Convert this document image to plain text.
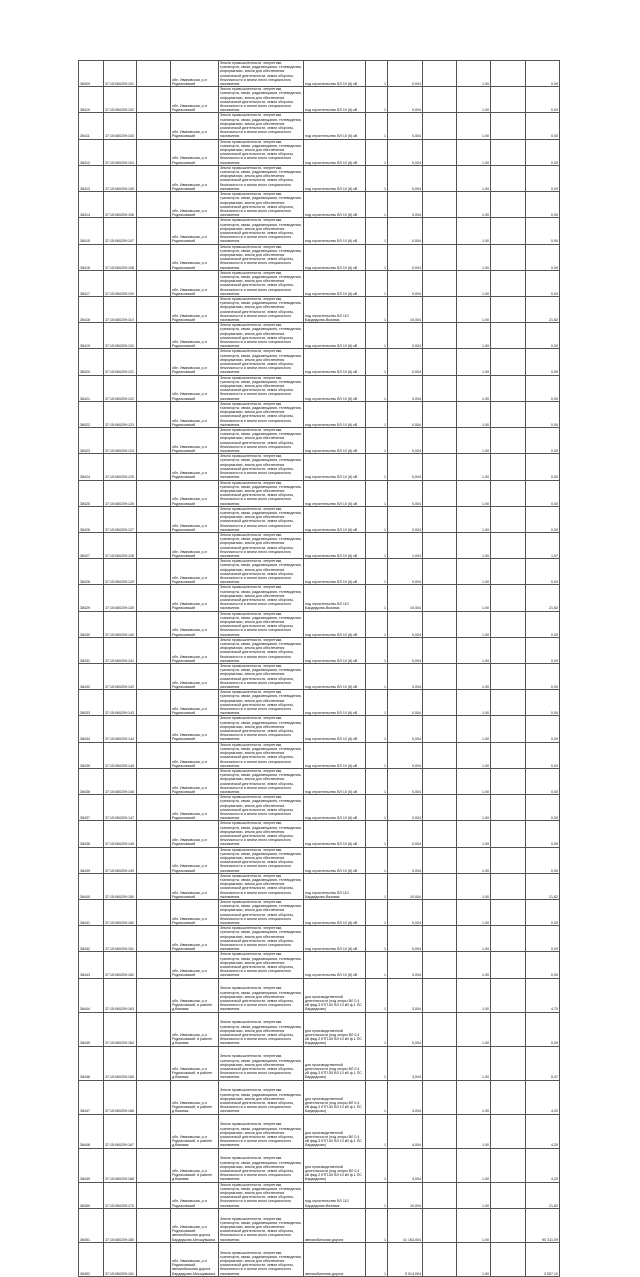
38409	37:15:060209:101		обл. Ивановская, р-н Родниковский	Земли промышленности, энергетики, транспорта, связи, радиовещания, телевидения, информатики, земли для обеспечения космической деятельности, земли обороны, безопасности и земли иного специального назначения	под строительство ВЛ 10 (6) кВ	1	0,004		1,00		0,00
38410	37:15:060209:102		обл. Ивановская, р-н Родниковский	Земли промышленности, энергетики, транспорта, связи, радиовещания, телевидения, информатики, земли для обеспечения космической деятельности, земли обороны, безопасности и земли иного специального назначения	под строительство ВЛ 10 (6) кВ	1	0,004		1,00		0,00
38411	37:15:060209:103		обл. Ивановская, р-н Родниковский	Земли промышленности, энергетики, транспорта, связи, радиовещания, телевидения, информатики, земли для обеспечения космической деятельности, земли обороны, безопасности и земли иного специального назначения	под строительство ВЛ 10 (6) кВ	1	0,004		1,00		0,00
38412	37:15:060209:104		обл. Ивановская, р-н Родниковский	Земли промышленности, энергетики, транспорта, связи, радиовещания, телевидения, информатики, земли для обеспечения космической деятельности, земли обороны, безопасности и земли иного специального назначения	под строительство ВЛ 10 (6) кВ	1	0,004		1,00		0,00
38413	37:15:060209:105		обл. Ивановская, р-н Родниковский	Земли промышленности, энергетики, транспорта, связи, радиовещания, телевидения, информатики, земли для обеспечения космической деятельности, земли обороны, безопасности и земли иного специального назначения	под строительство ВЛ 10 (6) кВ	1	0,004		1,00		0,00
38414	37:15:060209:106		обл. Ивановская, р-н Родниковский	Земли промышленности, энергетики, транспорта, связи, радиовещания, телевидения, информатики, земли для обеспечения космической деятельности, земли обороны, безопасности и земли иного специального назначения	под строительство ВЛ 10 (6) кВ	1	0,004		1,00		0,00
38415	37:15:060209:107		обл. Ивановская, р-н Родниковский	Земли промышленности, энергетики, транспорта, связи, радиовещания, телевидения, информатики, земли для обеспечения космической деятельности, земли обороны, безопасности и земли иного специального назначения	под строительство ВЛ 10 (6) кВ	1	0,004		1,00		0,00
38416	37:15:060209:108		обл. Ивановская, р-н Родниковский	Земли промышленности, энергетики, транспорта, связи, радиовещания, телевидения, информатики, земли для обеспечения космической деятельности, земли обороны, безопасности и земли иного специального назначения	под строительство ВЛ 10 (6) кВ	1	0,004		1,00		0,00
38417	37:15:060209:109		обл. Ивановская, р-н Родниковский	Земли промышленности, энергетики, транспорта, связи, радиовещания, телевидения, информатики, земли для обеспечения космической деятельности, земли обороны, безопасности и земли иного специального назначения	под строительство ВЛ 10 (6) кВ	1	0,004		1,00		0,00
38418	37:15:060209:110		обл. Ивановская, р-н Родниковский	Земли промышленности, энергетики, транспорта, связи, радиовещания, телевидения, информатики, земли для обеспечения космической деятельности, земли обороны, безопасности и земли иного специального назначения	под строительство ВЛ 110 Бардедково-Вязовик	1	10,004		1,00		21,82
38419	37:15:060209:120		обл. Ивановская, р-н Родниковский	Земли промышленности, энергетики, транспорта, связи, радиовещания, телевидения, информатики, земли для обеспечения космической деятельности, земли обороны, безопасности и земли иного специального назначения	под строительство ВЛ 10 (6) кВ	1	0,004		1,00		0,00
38420	37:15:060209:121		обл. Ивановская, р-н Родниковский	Земли промышленности, энергетики, транспорта, связи, радиовещания, телевидения, информатики, земли для обеспечения космической деятельности, земли обороны, безопасности и земли иного специального назначения	под строительство ВЛ 10 (6) кВ	1	0,004		1,00		0,00
38421	37:15:060209:122		обл. Ивановская, р-н Родниковский	Земли промышленности, энергетики, транспорта, связи, радиовещания, телевидения, информатики, земли для обеспечения космической деятельности, земли обороны, безопасности и земли иного специального назначения	под строительство ВЛ 10 (6) кВ	1	0,004		1,00		0,00
38422	37:15:060209:123		обл. Ивановская, р-н Родниковский	Земли промышленности, энергетики, транспорта, связи, радиовещания, телевидения, информатики, земли для обеспечения космической деятельности, земли обороны, безопасности и земли иного специального назначения	под строительство ВЛ 10 (6) кВ	1	0,004		1,00		0,00
38423	37:15:060209:124		обл. Ивановская, р-н Родниковский	Земли промышленности, энергетики, транспорта, связи, радиовещания, телевидения, информатики, земли для обеспечения космической деятельности, земли обороны, безопасности и земли иного специального назначения	под строительство ВЛ 10 (6) кВ	1	0,004		1,00		0,00
38424	37:15:060209:125		обл. Ивановская, р-н Родниковский	Земли промышленности, энергетики, транспорта, связи, радиовещания, телевидения, информатики, земли для обеспечения космической деятельности, земли обороны, безопасности и земли иного специального назначения	под строительство ВЛ 10 (6) кВ	1	0,004		1,00		0,00
38425	37:15:060209:126		обл. Ивановская, р-н Родниковский	Земли промышленности, энергетики, транспорта, связи, радиовещания, телевидения, информатики, земли для обеспечения космической деятельности, земли обороны, безопасности и земли иного специального назначения	под строительство ВЛ 10 (6) кВ	1	0,004		1,00		0,00
38426	37:15:060209:127		обл. Ивановская, р-н Родниковский	Земли промышленности, энергетики, транспорта, связи, радиовещания, телевидения, информатики, земли для обеспечения космической деятельности, земли обороны, безопасности и земли иного специального назначения	под строительство ВЛ 10 (6) кВ	1	0,004		1,00		0,00
38427	37:15:060209:128		обл. Ивановская, р-н Родниковский	Земли промышленности, энергетики, транспорта, связи, радиовещания, телевидения, информатики, земли для обеспечения космической деятельности, земли обороны, безопасности и земли иного специального назначения	под строительство ВЛ 10 (6) кВ	1	1,004		1,00		1,07
38428	37:15:060209:129		обл. Ивановская, р-н Родниковский	Земли промышленности, энергетики, транспорта, связи, радиовещания, телевидения, информатики, земли для обеспечения космической деятельности, земли обороны, безопасности и земли иного специального назначения	под строительство ВЛ 10 (6) кВ	1	0,004		1,00		0,00
38429	37:15:060209:130		обл. Ивановская, р-н Родниковский	Земли промышленности, энергетики, транспорта, связи, радиовещания, телевидения, информатики, земли для обеспечения космической деятельности, земли обороны, безопасности и земли иного специального назначения	под строительство ВЛ 110 Бардедково-Вязовик	1	10,004		1,00		21,82
38430	37:15:060209:140		обл. Ивановская, р-н Родниковский	Земли промышленности, энергетики, транспорта, связи, радиовещания, телевидения, информатики, земли для обеспечения космической деятельности, земли обороны, безопасности и земли иного специального назначения	под строительство ВЛ 10 (6) кВ	1	0,004		1,00		0,00
38431	37:15:060209:141		обл. Ивановская, р-н Родниковский	Земли промышленности, энергетики, транспорта, связи, радиовещания, телевидения, информатики, земли для обеспечения космической деятельности, земли обороны, безопасности и земли иного специального назначения	под строительство ВЛ 10 (6) кВ	1	0,004		1,00		0,00
38432	37:15:060209:142		обл. Ивановская, р-н Родниковский	Земли промышленности, энергетики, транспорта, связи, радиовещания, телевидения, информатики, земли для обеспечения космической деятельности, земли обороны, безопасности и земли иного специального назначения	под строительство ВЛ 10 (6) кВ	1	0,004		1,00		0,00
38433	37:15:060209:143		обл. Ивановская, р-н Родниковский	Земли промышленности, энергетики, транспорта, связи, радиовещания, телевидения, информатики, земли для обеспечения космической деятельности, земли обороны, безопасности и земли иного специального назначения	под строительство ВЛ 10 (6) кВ	1	0,004		1,00		0,00
38434	37:15:060209:144		обл. Ивановская, р-н Родниковский	Земли промышленности, энергетики, транспорта, связи, радиовещания, телевидения, информатики, земли для обеспечения космической деятельности, земли обороны, безопасности и земли иного специального назначения	под строительство ВЛ 10 (6) кВ	1	0,004		1,00		0,00
38435	37:15:060209:145		обл. Ивановская, р-н Родниковский	Земли промышленности, энергетики, транспорта, связи, радиовещания, телевидения, информатики, земли для обеспечения космической деятельности, земли обороны, безопасности и земли иного специального назначения	под строительство ВЛ 10 (6) кВ	1	0,004		1,00		0,00
38436	37:15:060209:146		обл. Ивановская, р-н Родниковский	Земли промышленности, энергетики, транспорта, связи, радиовещания, телевидения, информатики, земли для обеспечения космической деятельности, земли обороны, безопасности и земли иного специального назначения	под строительство ВЛ 10 (6) кВ	1	0,004		1,00		0,00
38437	37:15:060209:147		обл. Ивановская, р-н Родниковский	Земли промышленности, энергетики, транспорта, связи, радиовещания, телевидения, информатики, земли для обеспечения космической деятельности, земли обороны, безопасности и земли иного специального назначения	под строительство ВЛ 10 (6) кВ	1	0,004		1,00		0,00
38438	37:15:060209:148		обл. Ивановская, р-н Родниковский	Земли промышленности, энергетики, транспорта, связи, радиовещания, телевидения, информатики, земли для обеспечения космической деятельности, земли обороны, безопасности и земли иного специального назначения	под строительство ВЛ 10 (6) кВ	1	0,004		1,00		0,00
38439	37:15:060209:149		обл. Ивановская, р-н Родниковский	Земли промышленности, энергетики, транспорта, связи, радиовещания, телевидения, информатики, земли для обеспечения космической деятельности, земли обороны, безопасности и земли иного специального назначения	под строительство ВЛ 10 (6) кВ	1	0,004		1,00		0,00
38440	37:15:060209:150		обл. Ивановская, р-н Родниковский	Земли промышленности, энергетики, транспорта, связи, радиовещания, телевидения, информатики, земли для обеспечения космической деятельности, земли обороны, безопасности и земли иного специального назначения	под строительство ВЛ 110 Бардедково-Вязовик	1	10,004		1,00		21,82
38441	37:15:060209:160		обл. Ивановская, р-н Родниковский	Земли промышленности, энергетики, транспорта, связи, радиовещания, телевидения, информатики, земли для обеспечения космической деятельности, земли обороны, безопасности и земли иного специального назначения	под строительство ВЛ 10 (6) кВ	1	0,004		1,00		0,00
38442	37:15:060209:161		обл. Ивановская, р-н Родниковский	Земли промышленности, энергетики, транспорта, связи, радиовещания, телевидения, информатики, земли для обеспечения космической деятельности, земли обороны, безопасности и земли иного специального назначения	под строительство ВЛ 10 (6) кВ	1	0,004		1,00		0,00
38443	37:15:060209:162		обл. Ивановская, р-н Родниковский	Земли промышленности, энергетики, транспорта, связи, радиовещания, телевидения, информатики, земли для обеспечения космической деятельности, земли обороны, безопасности и земли иного специального назначения	под строительство ВЛ 10 (6) кВ	1	0,004		1,00		0,00
38444	37:15:060209:163		обл. Ивановская, р-н Родниковский, в районе д.Вязовик	Земли промышленности, энергетики, транспорта, связи, радиовещания, телевидения, информатики, земли для обеспечения космической деятельности, земли обороны, безопасности и земли иного специального назначения	для производственной деятельности (под опоры ВЛ 0,4 кВ фид.3 КТП-50 ВЛ 10 кВ ф.1 ПС Бардедково)	1	3,004		1,00		4,70
38445	37:15:060209:164		обл. Ивановская, р-н Родниковский, в районе д.Вязовик	Земли промышленности, энергетики, транспорта, связи, радиовещания, телевидения, информатики, земли для обеспечения космической деятельности, земли обороны, безопасности и земли иного специального назначения	для производственной деятельности (под опоры ВЛ 0,4 кВ фид.3 КТП-50 ВЛ 10 кВ ф.1 ПС Бардедково)	1	0,004		1,00		0,00
38446	37:15:060209:165		обл. Ивановская, р-н Родниковский, в районе д.Вязовик	Земли промышленности, энергетики, транспорта, связи, радиовещания, телевидения, информатики, земли для обеспечения космической деятельности, земли обороны, безопасности и земли иного специального назначения	для производственной деятельности (под опоры ВЛ 0,4 кВ фид.3 КТП-50 ВЛ 10 кВ ф.1 ПС Бардедково)	1	3,004		1,00		5,47
38447	37:15:060209:166		обл. Ивановская, р-н Родниковский, в районе д.Вязовик	Земли промышленности, энергетики, транспорта, связи, радиовещания, телевидения, информатики, земли для обеспечения космической деятельности, земли обороны, безопасности и земли иного специального назначения	для производственной деятельности (под опоры ВЛ 0,4 кВ фид.3 КТП-50 ВЛ 10 кВ ф.1 ПС Бардедково)	1	3,004		1,00		4,20
38448	37:15:060209:167		обл. Ивановская, р-н Родниковский, в районе д.Вязовик	Земли промышленности, энергетики, транспорта, связи, радиовещания, телевидения, информатики, земли для обеспечения космической деятельности, земли обороны, безопасности и земли иного специального назначения	для производственной деятельности (под опоры ВЛ 0,4 кВ фид.3 КТП-50 ВЛ 10 кВ ф.1 ПС Бардедково)	1	4,004		1,00		4,20
38449	37:15:060209:168		обл. Ивановская, р-н Родниковский, в районе д.Вязовик	Земли промышленности, энергетики, транспорта, связи, радиовещания, телевидения, информатики, земли для обеспечения космической деятельности, земли обороны, безопасности и земли иного специального назначения	для производственной деятельности (под опоры ВЛ 0,4 кВ фид.3 КТП-50 ВЛ 10 кВ ф.1 ПС Бардедково)	1	4,004		1,00		4,20
38450	37:15:060209:170		обл. Ивановская, р-н Родниковский	Земли промышленности, энергетики, транспорта, связи, радиовещания, телевидения, информатики, земли для обеспечения космической деятельности, земли обороны, безопасности и земли иного специального назначения	под строительство ВЛ 110 Бардедково-Вязовик	1	10,004		1,00		21,82
38451	37:15:060209:180		обл. Ивановская, р-н Родниковский, автомобильная дорога Бардедково-Месшувшика	Земли промышленности, энергетики, транспорта, связи, радиовещания, телевидения, информатики, земли для обеспечения космической деятельности, земли обороны, безопасности и земли иного специального назначения	автомобильная дорога	1	41 163,004		1,00		90 311,09
38452	37:15:060209:181		обл. Ивановская, р-н Родниковский, автомобильная дорога Бардедково-Месшувшика	Земли промышленности, энергетики, транспорта, связи, радиовещания, телевидения, информатики, земли для обеспечения космической деятельности, земли обороны, безопасности и земли иного специального назначения	автомобильная дорога	1	5 014,004		1,00		3 507,10
